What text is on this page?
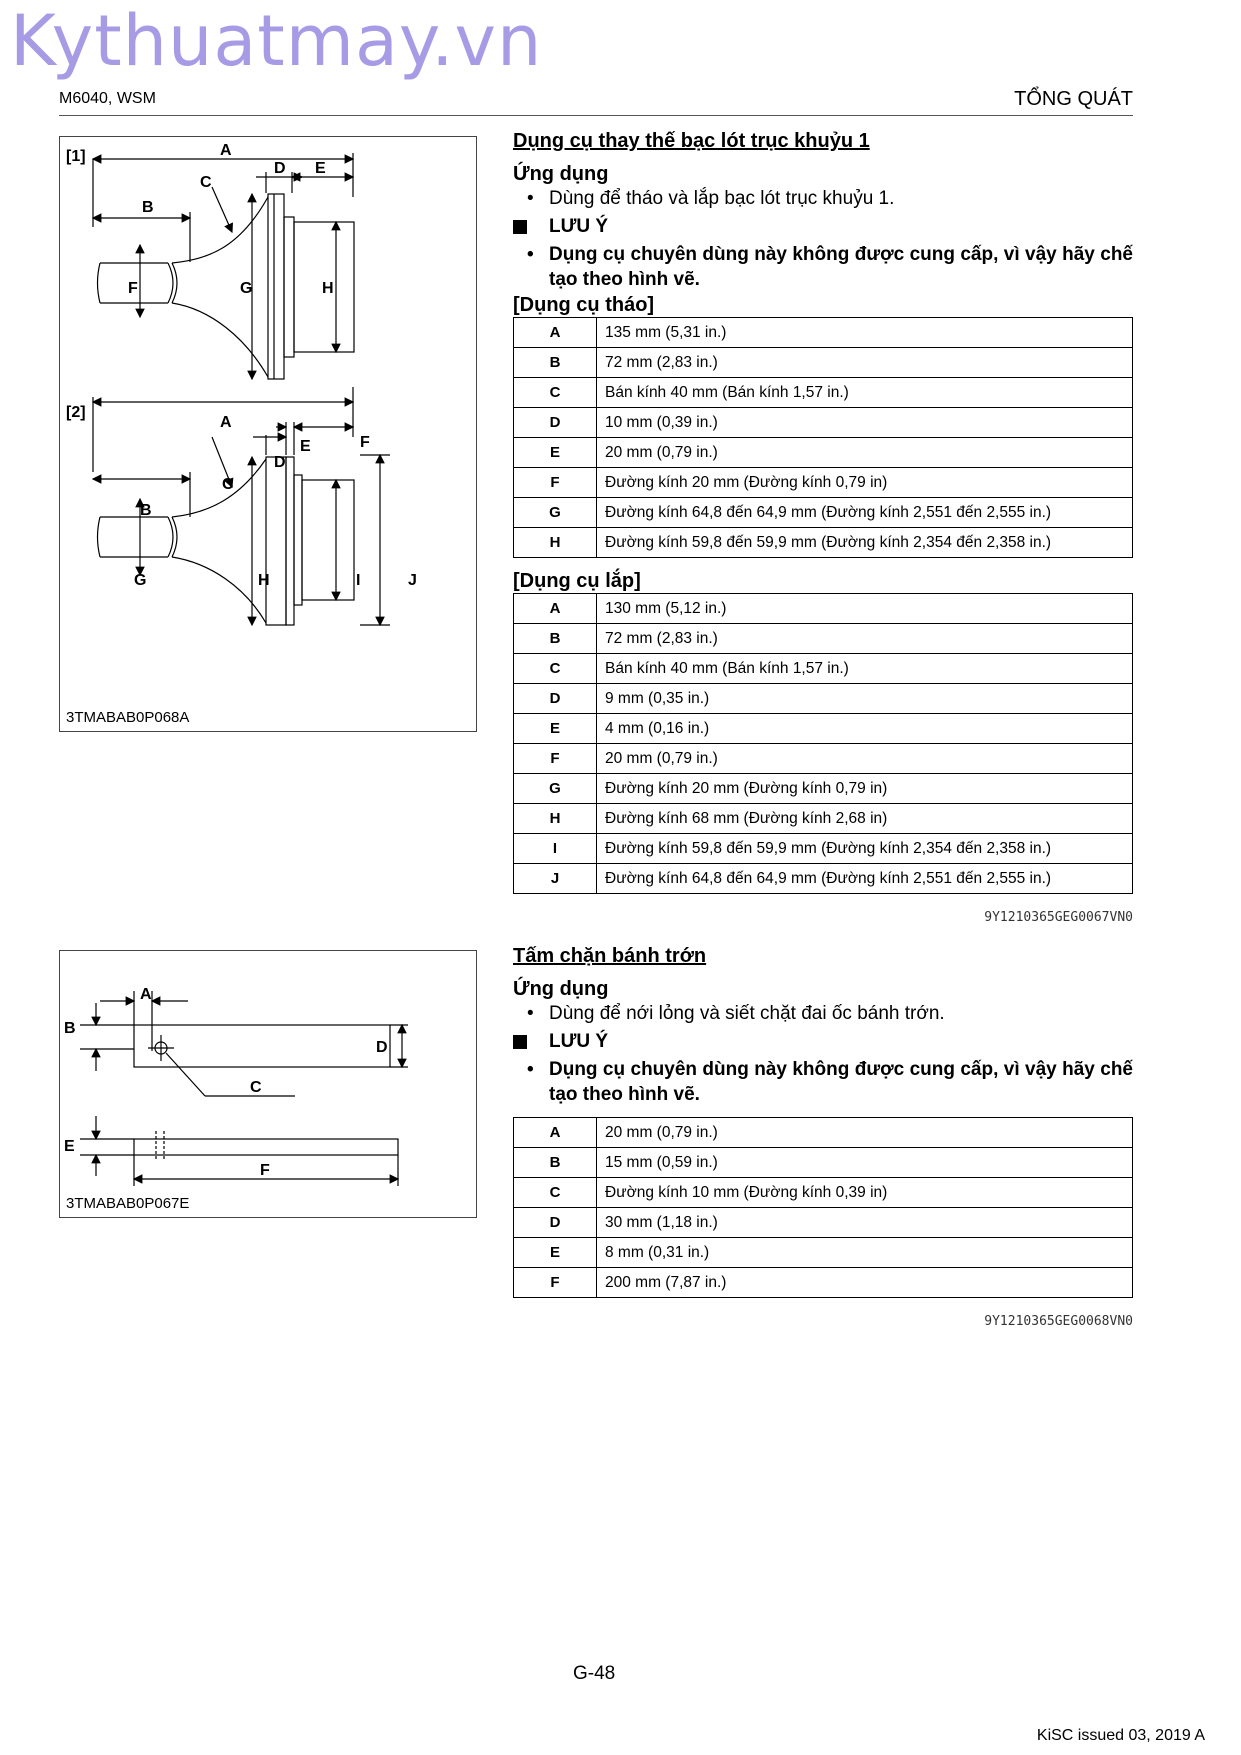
Kythuatmay.vn
M6040, WSM	TỔNG QUÁT
[1]	A
B
C
D E
F	G	H
[2]
A
B
C
D
E	F
G	H	I	J
3TMABAB0P068A
A
B
C
D
E
F
3TMABAB0P067E
Dụng cụ thay thế bạc lót trục khuỷu 1
Ứng dụng
• Dùng để tháo và lắp bạc lót trục khuỷu 1.
LƯU Ý
• Dụng cụ chuyên dùng này không được cung cấp, vì vậy hãy chế tạo theo hình vẽ.
[Dụng cụ tháo]
A	135 mm (5,31 in.)
B	72 mm (2,83 in.)
C	Bán kính 40 mm (Bán kính 1,57 in.)
D	10 mm (0,39 in.)
E	20 mm (0,79 in.)
F	Đường kính 20 mm (Đường kính 0,79 in)
G	Đường kính 64,8 đến 64,9 mm (Đường kính 2,551 đến 2,555 in.)
H	Đường kính 59,8 đến 59,9 mm (Đường kính 2,354 đến 2,358 in.)
[Dụng cụ lắp]
A	130 mm (5,12 in.)
B	72 mm (2,83 in.)
C	Bán kính 40 mm (Bán kính 1,57 in.)
D	9 mm (0,35 in.)
E	4 mm (0,16 in.)
F	20 mm (0,79 in.)
G	Đường kính 20 mm (Đường kính 0,79 in)
H	Đường kính 68 mm (Đường kính 2,68 in)
I	Đường kính 59,8 đến 59,9 mm (Đường kính 2,354 đến 2,358 in.)
J	Đường kính 64,8 đến 64,9 mm (Đường kính 2,551 đến 2,555 in.)
9Y1210365GEG0067VN0
Tấm chặn bánh trớn
Ứng dụng
• Dùng để nới lỏng và siết chặt đai ốc bánh trớn.
LƯU Ý
• Dụng cụ chuyên dùng này không được cung cấp, vì vậy hãy chế tạo theo hình vẽ.
A	20 mm (0,79 in.)
B	15 mm (0,59 in.)
C	Đường kính 10 mm (Đường kính 0,39 in)
D	30 mm (1,18 in.)
E	8 mm (0,31 in.)
F	200 mm (7,87 in.)
9Y1210365GEG0068VN0
G-48
KiSC issued 03, 2019 A
